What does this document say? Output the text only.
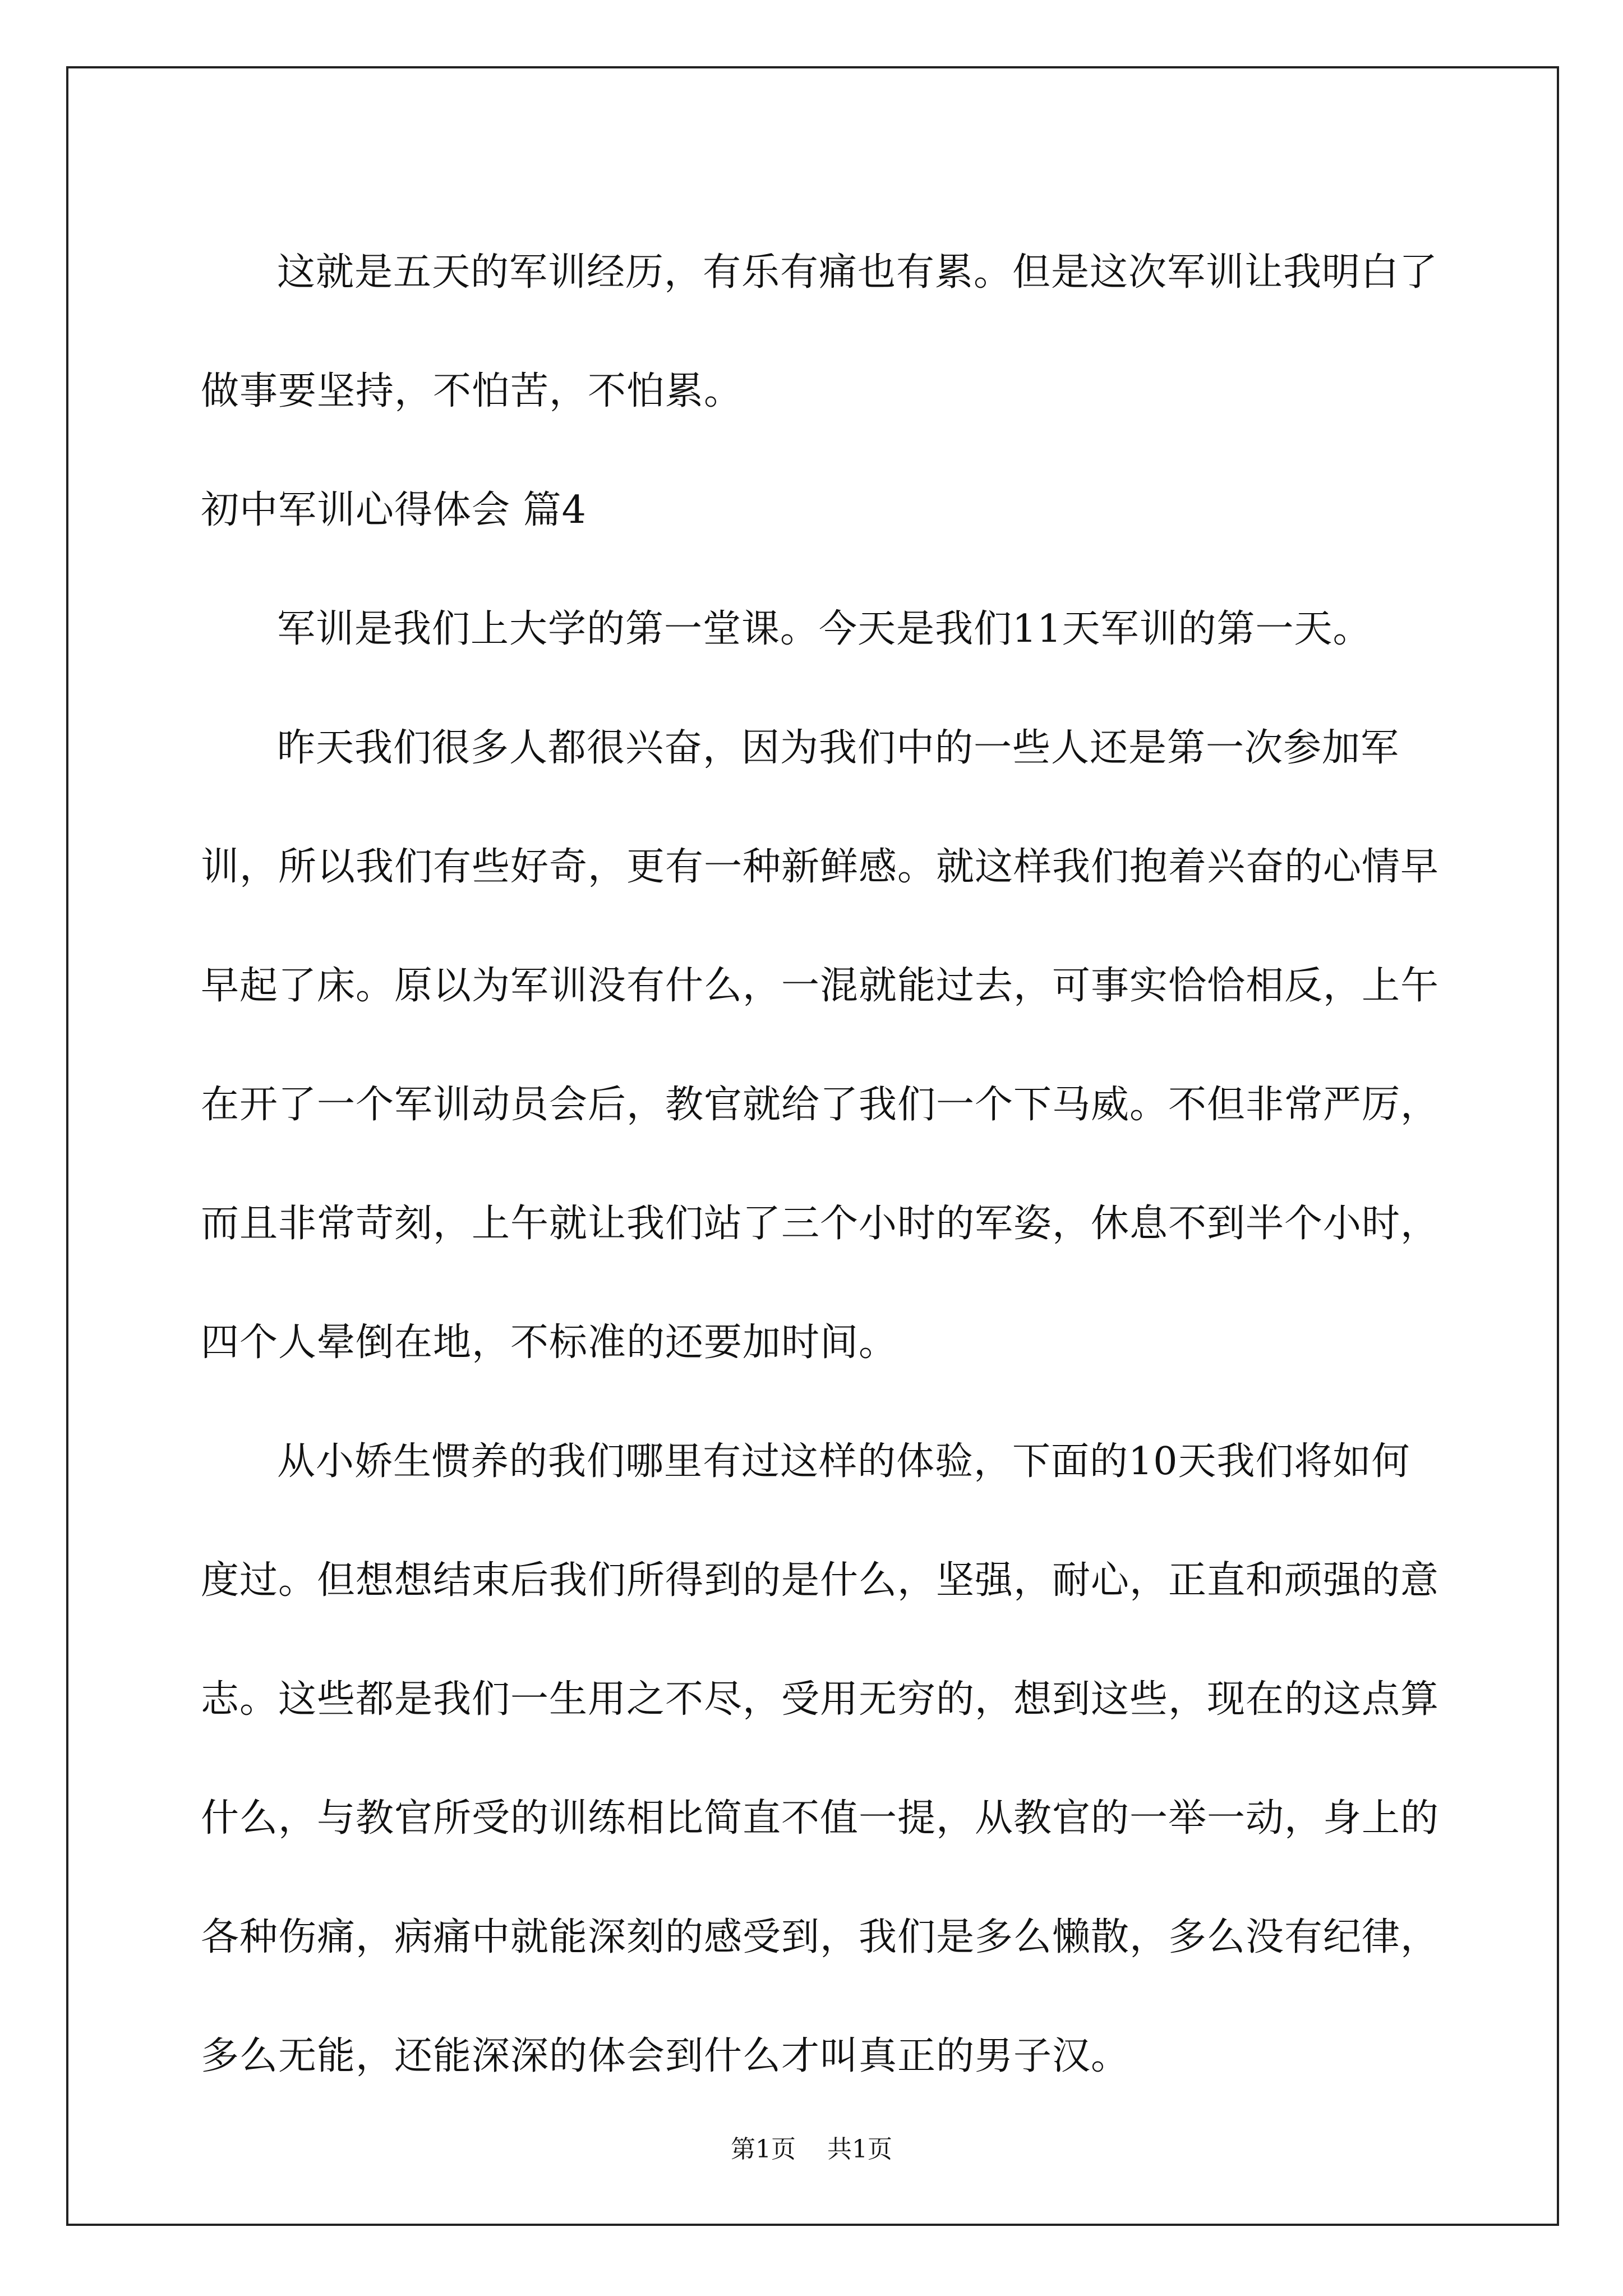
这就是五天的军训经历，有乐有痛也有累。但是这次军训让我明白了做事要坚持，不怕苦，不怕累。

初中军训心得体会 篇4

军训是我们上大学的第一堂课。今天是我们11天军训的第一天。

昨天我们很多人都很兴奋，因为我们中的一些人还是第一次参加军训，所以我们有些好奇，更有一种新鲜感。就这样我们抱着兴奋的心情早早起了床。原以为军训没有什么，一混就能过去，可事实恰恰相反，上午在开了一个军训动员会后，教官就给了我们一个下马威。不但非常严厉，而且非常苛刻，上午就让我们站了三个小时的军姿，休息不到半个小时，四个人晕倒在地，不标准的还要加时间。

从小娇生惯养的我们哪里有过这样的体验，下面的10天我们将如何度过。但想想结束后我们所得到的是什么，坚强，耐心，正直和顽强的意志。这些都是我们一生用之不尽，受用无穷的，想到这些，现在的这点算什么，与教官所受的训练相比简直不值一提，从教官的一举一动，身上的各种伤痛，病痛中就能深刻的感受到，我们是多么懒散，多么没有纪律，多么无能，还能深深的体会到什么才叫真正的男子汉。

第1页 共1页
